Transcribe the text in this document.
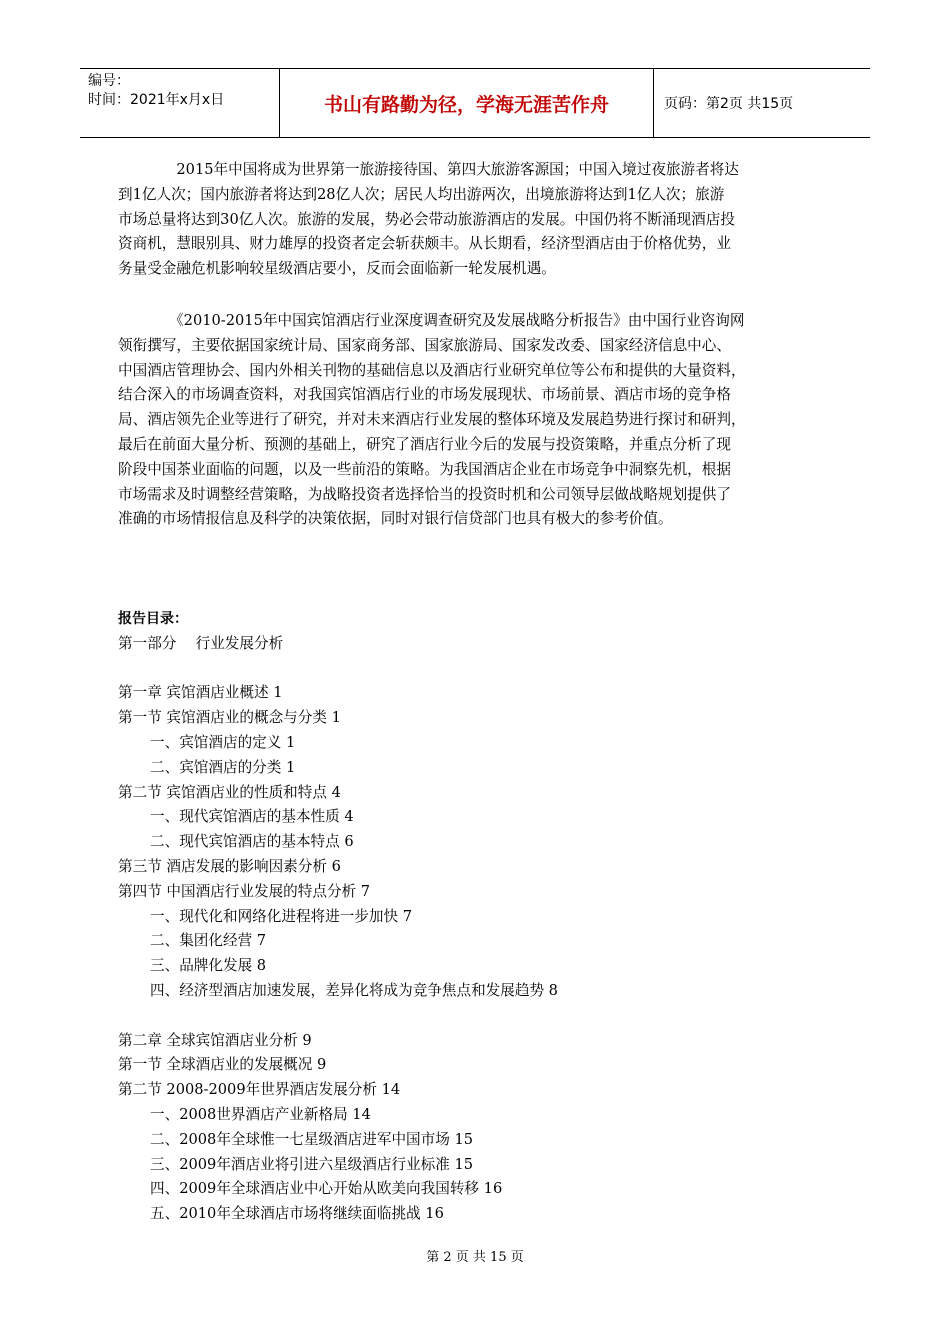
编号：
时间：2021年x月x日	书山有路勤为径，学海无涯苦作舟	页码：第2页 共15页
　　　　2015年中国将成为世界第一旅游接待国、第四大旅游客源国；中国入境过夜旅游者将达
到1亿人次；国内旅游者将达到28亿人次；居民人均出游两次，出境旅游将达到1亿人次；旅游
市场总量将达到30亿人次。旅游的发展，势必会带动旅游酒店的发展。中国仍将不断涌现酒店投
资商机，慧眼别具、财力雄厚的投资者定会斩获颇丰。从长期看，经济型酒店由于价格优势，业
务量受金融危机影响较星级酒店要小，反而会面临新一轮发展机遇。
　　　　《2010-2015年中国宾馆酒店行业深度调查研究及发展战略分析报告》由中国行业咨询网
领衔撰写，主要依据国家统计局、国家商务部、国家旅游局、国家发改委、国家经济信息中心、
中国酒店管理协会、国内外相关刊物的基础信息以及酒店行业研究单位等公布和提供的大量资料，
结合深入的市场调查资料，对我国宾馆酒店行业的市场发展现状、市场前景、酒店市场的竞争格
局、酒店领先企业等进行了研究，并对未来酒店行业发展的整体环境及发展趋势进行探讨和研判，
最后在前面大量分析、预测的基础上，研究了酒店行业今后的发展与投资策略，并重点分析了现
阶段中国茶业面临的问题，以及一些前沿的策略。为我国酒店企业在市场竞争中洞察先机，根据
市场需求及时调整经营策略，为战略投资者选择恰当的投资时机和公司领导层做战略规划提供了
准确的市场情报信息及科学的决策依据，同时对银行信贷部门也具有极大的参考价值。
报告目录：
第一部分　 行业发展分析
第一章 宾馆酒店业概述 1
第一节 宾馆酒店业的概念与分类 1
一、宾馆酒店的定义 1
二、宾馆酒店的分类 1
第二节 宾馆酒店业的性质和特点 4
一、现代宾馆酒店的基本性质 4
二、现代宾馆酒店的基本特点 6
第三节 酒店发展的影响因素分析 6
第四节 中国酒店行业发展的特点分析 7
一、现代化和网络化进程将进一步加快 7
二、集团化经营 7
三、品牌化发展 8
四、经济型酒店加速发展，差异化将成为竞争焦点和发展趋势 8
第二章 全球宾馆酒店业分析 9
第一节 全球酒店业的发展概况 9
第二节 2008-2009年世界酒店发展分析 14
一、2008世界酒店产业新格局 14
二、2008年全球惟一七星级酒店进军中国市场 15
三、2009年酒店业将引进六星级酒店行业标准 15
四、2009年全球酒店业中心开始从欧美向我国转移 16
五、2010年全球酒店市场将继续面临挑战 16
第 2 页 共 15 页
